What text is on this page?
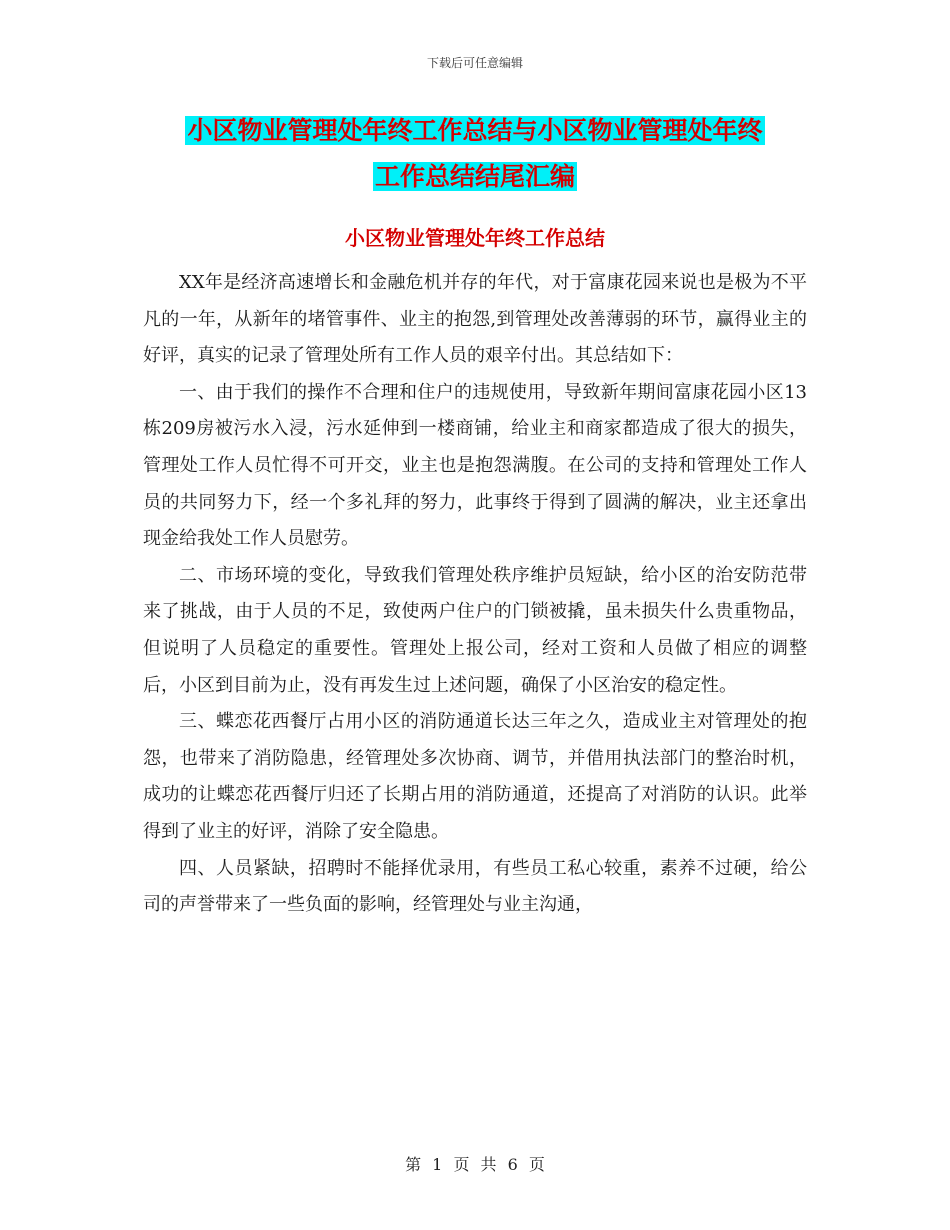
下载后可任意编辑
小区物业管理处年终工作总结与小区物业管理处年终
工作总结结尾汇编
小区物业管理处年终工作总结

XX年是经济高速增长和金融危机并存的年代，对于富康花园来说也是极为不平凡的一年，从新年的堵管事件、业主的抱怨,到管理处改善薄弱的环节，赢得业主的好评，真实的记录了管理处所有工作人员的艰辛付出。其总结如下：

一、由于我们的操作不合理和住户的违规使用，导致新年期间富康花园小区13栋209房被污水入浸，污水延伸到一楼商铺，给业主和商家都造成了很大的损失，管理处工作人员忙得不可开交，业主也是抱怨满腹。在公司的支持和管理处工作人员的共同努力下，经一个多礼拜的努力，此事终于得到了圆满的解决，业主还拿出现金给我处工作人员慰劳。

二、市场环境的变化，导致我们管理处秩序维护员短缺，给小区的治安防范带来了挑战，由于人员的不足，致使两户住户的门锁被撬，虽未损失什么贵重物品，但说明了人员稳定的重要性。管理处上报公司，经对工资和人员做了相应的调整后，小区到目前为止，没有再发生过上述问题，确保了小区治安的稳定性。

三、蝶恋花西餐厅占用小区的消防通道长达三年之久，造成业主对管理处的抱怨，也带来了消防隐患，经管理处多次协商、调节，并借用执法部门的整治时机，成功的让蝶恋花西餐厅归还了长期占用的消防通道，还提高了对消防的认识。此举得到了业主的好评，消除了安全隐患。

四、人员紧缺，招聘时不能择优录用，有些员工私心较重，素养不过硬，给公司的声誉带来了一些负面的影响，经管理处与业主沟通，

第 1 页 共 6 页
